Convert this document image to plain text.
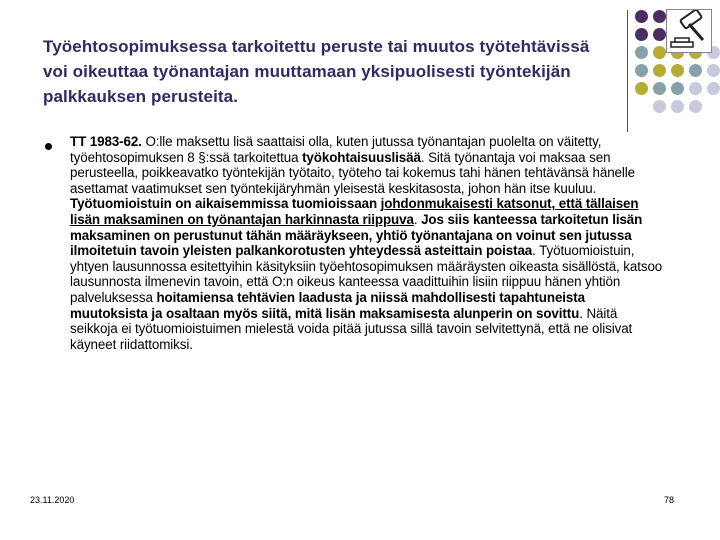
Työehtosopimuksessa tarkoitettu peruste tai muutos työtehtävissä voi oikeuttaa työnantajan muuttamaan yksipuolisesti työntekijän palkkauksen perusteita.
TT 1983-62. O:lle maksettu lisä saattaisi olla, kuten jutussa työnantajan puolelta on väitetty, työehtosopimuksen 8 §:ssä tarkoitettua työkohtaisuuslisää. Sitä työnantaja voi maksaa sen perusteella, poikkeavatko työntekijän työtaito, työteho tai kokemus tahi hänen tehtävänsä hänelle asettamat vaatimukset sen työntekijäryhmän yleisestä keskitasosta, johon hän itse kuuluu. Työtuomioistuin on aikaisemmissa tuomioissaan johdonmukaisesti katsonut, että tällaisen lisän maksaminen on työnantajan harkinnasta riippuva. Jos siis kanteessa tarkoitetun lisän maksaminen on perustunut tähän määräykseen, yhtiö työnantajana on voinut sen jutussa ilmoitetuin tavoin yleisten palkankorotusten yhteydessä asteittain poistaa. Työtuomioistuin, yhtyen lausunnossa esitettyihin käsityksiin työehtosopimuksen määräysten oikeasta sisällöstä, katsoo lausunnosta ilmenevin tavoin, että O:n oikeus kanteessa vaadittuihin lisiin riippuu hänen yhtiön palveluksessa hoitamiensa tehtävien laadusta ja niissä mahdollisesti tapahtuneista muutoksista ja osaltaan myös siitä, mitä lisän maksamisesta alunperin on sovittu. Näitä seikkoja ei työtuomioistuimen mielestä voida pitää jutussa sillä tavoin selvitettynä, että ne olisivat käyneet riidattomiksi.
23.11.2020	78
